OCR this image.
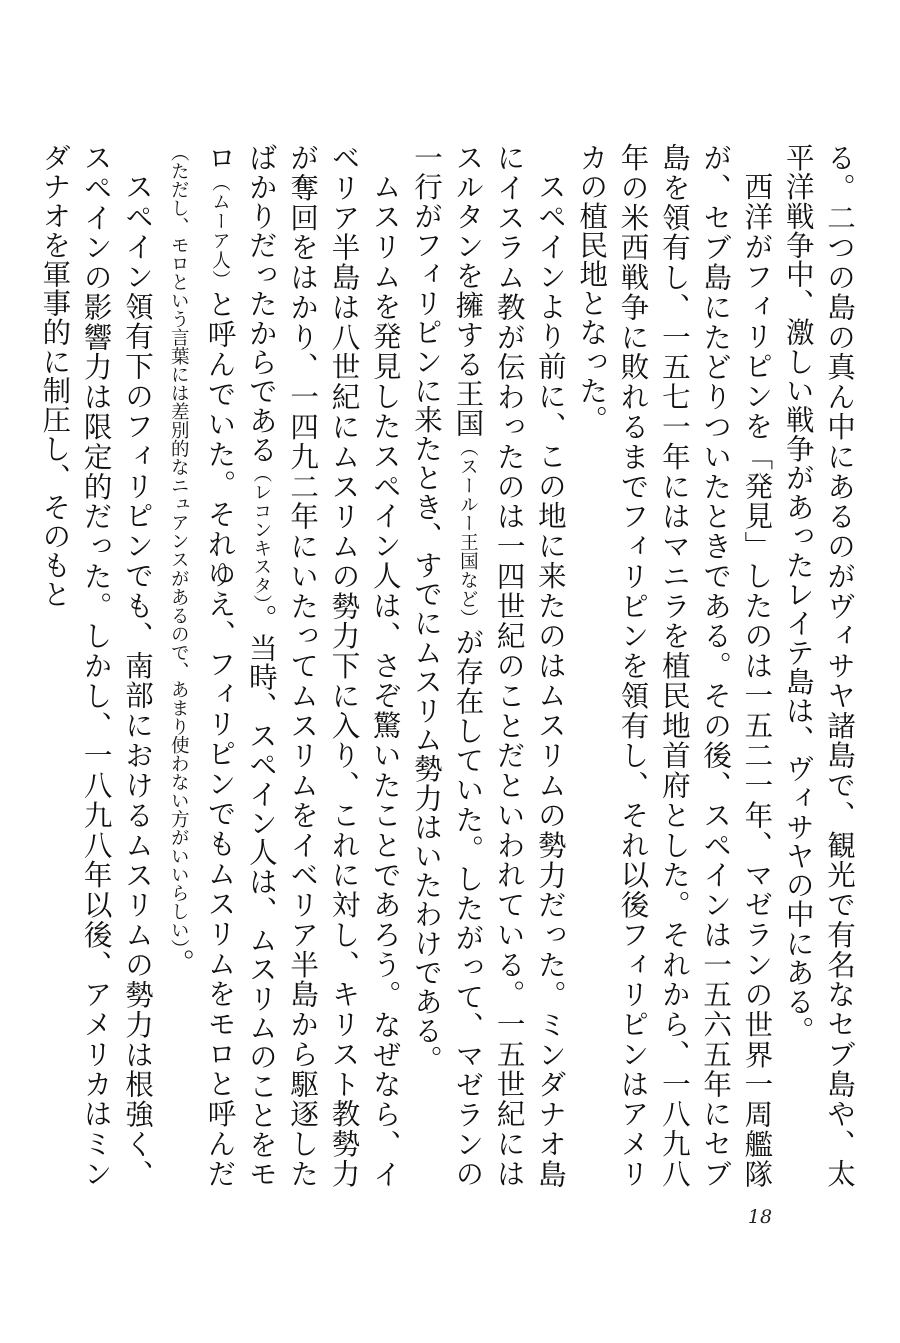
る。二つの島の真ん中にあるのがヴィサヤ諸島で、観光で有名なセブ島や、太平洋戦争中、激しい戦争があったレイテ島は、ヴィサヤの中にある。

西洋がフィリピンを「発見」したのは一五二一年、マゼランの世界一周艦隊が、セブ島にたどりついたときである。その後、スペインは一五六五年にセブ島を領有し、一五七一年にはマニラを植民地首府とした。それから、一八九八年の米西戦争に敗れるまでフィリピンを領有し、それ以後フィリピンはアメリカの植民地となった。

スペインより前に、この地に来たのはムスリムの勢力だった。ミンダナオ島にイスラム教が伝わったのは一四世紀のことだといわれている。一五世紀にはスルタンを擁する王国（スールー王国など）が存在していた。したがって、マゼランの一行がフィリピンに来たとき、すでにムスリム勢力はいたわけである。

ムスリムを発見したスペイン人は、さぞ驚いたことであろう。なぜなら、イベリア半島は八世紀にムスリムの勢力下に入り、これに対し、キリスト教勢力が奪回をはかり、一四九二年にいたってムスリムをイベリア半島から駆逐したばかりだったからである（レコンキスタ）。当時、スペイン人は、ムスリムのことをモロ（ムーア人）と呼んでいた。それゆえ、フィリピンでもムスリムをモロと呼んだ（ただし、モロという言葉には差別的なニュアンスがあるので、あまり使わない方がいいらしい）。

スペイン領有下のフィリピンでも、南部におけるムスリムの勢力は根強く、スペインの影響力は限定的だった。しかし、一八九八年以後、アメリカはミンダナオを軍事的に制圧し、そのもと

18
